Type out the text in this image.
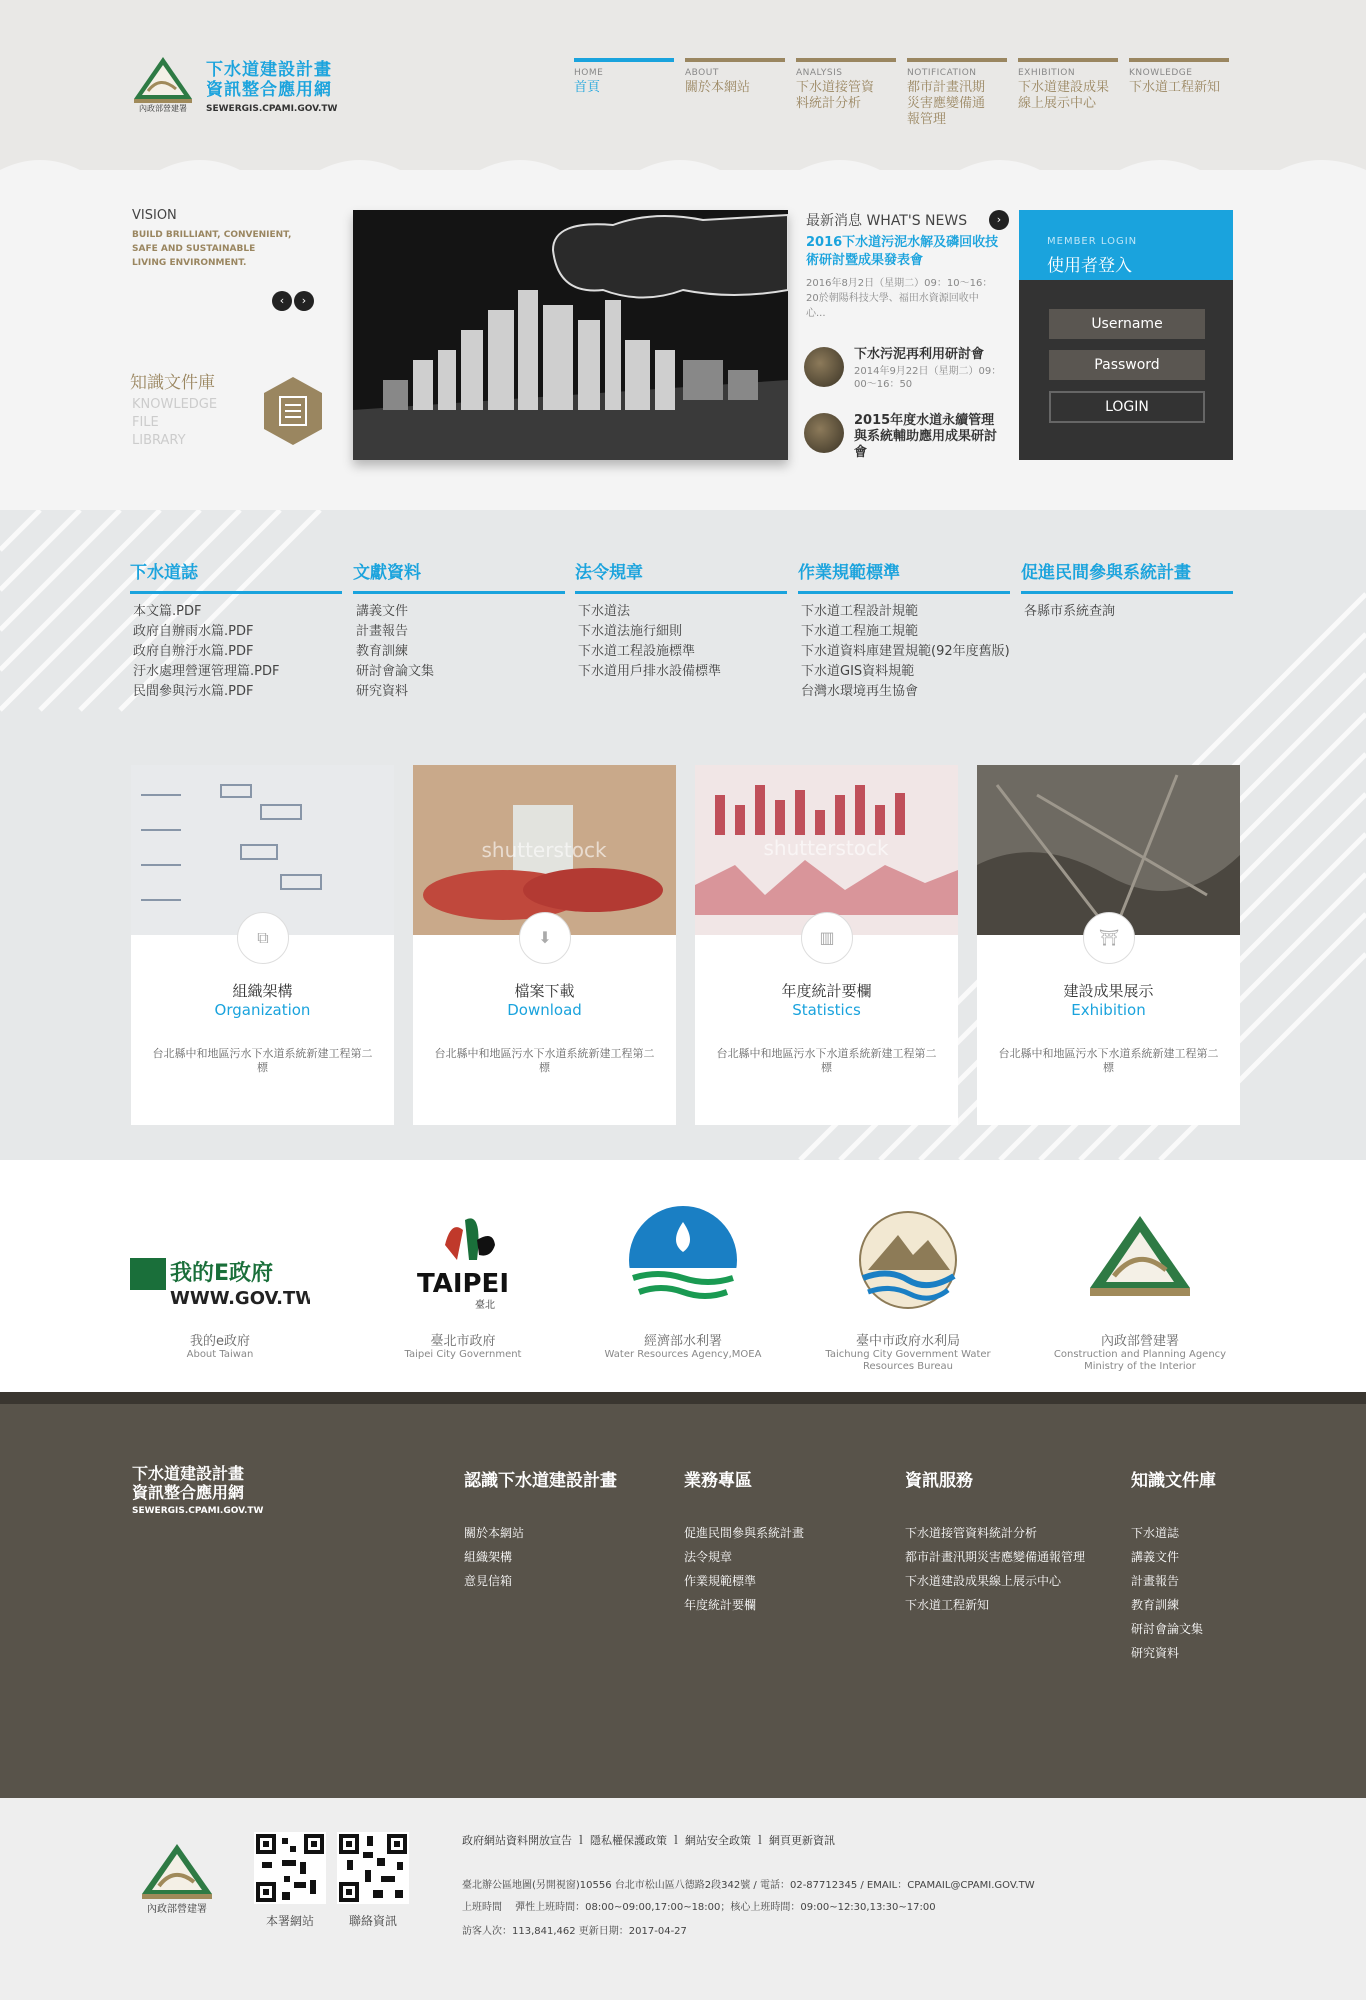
內政部營建署
下水道建設計畫
資訊整合應用網
SEWERGIS.CPAMI.GOV.TW
HOME
首頁
ABOUT
關於本網站
ANALYSIS
下水道接管資料統計分析
NOTIFICATION
都市計畫汛期災害應變備通報管理
EXHIBITION
下水道建設成果線上展示中心
KNOWLEDGE
下水道工程新知
VISION
BUILD BRILLIANT, CONVENIENT, SAFE AND SUSTAINABLE LIVING ENVIRONMENT.
‹	›
知識文件庫
KNOWLEDGE
FILE
LIBRARY
最新消息 WHAT'S NEWS	›
2016下水道污泥水解及磷回收技術研討暨成果發表會
2016年8月2日（星期二）09：10～16：20於朝陽科技大學、福田水資源回收中心...
下水污泥再利用研討會
2014年9月22日（星期二）09：00～16：50
2015年度水道永續管理與系統輔助應用成果研討會
MEMBER LOGIN
使用者登入
Username
Password
LOGIN
下水道誌
本文篇.PDF
政府自辦雨水篇.PDF
政府自辦汙水篇.PDF
汙水處理營運管理篇.PDF
民間參與污水篇.PDF
文獻資料
講義文件
計畫報告
教育訓練
研討會論文集
研究資料
法令規章
下水道法
下水道法施行細則
下水道工程設施標準
下水道用戶排水設備標準
作業規範標準
下水道工程設計規範
下水道工程施工規範
下水道資料庫建置規範(92年度舊版)
下水道GIS資料規範
台灣水環境再生協會
促進民間參與系統計畫
各縣市系統查詢
⧉
組織架構
Organization
台北縣中和地區污水下水道系統新建工程第二標
shutterstock
⬇
檔案下載
Download
台北縣中和地區污水下水道系統新建工程第二標
shutterstock
▥
年度統計要欄
Statistics
台北縣中和地區污水下水道系統新建工程第二標
⛩
建設成果展示
Exhibition
台北縣中和地區污水下水道系統新建工程第二標
我的E政府
WWW.GOV.TW
我的e政府
About Taiwan
TAIPEI
臺北
臺北市政府
Taipei City Government
經濟部水利署
Water Resources Agency,MOEA
臺中市政府水利局
Taichung City Government Water Resources Bureau
內政部營建署
Construction and Planning Agency Ministry of the Interior
下水道建設計畫
資訊整合應用網
SEWERGIS.CPAMI.GOV.TW
認識下水道建設計畫
關於本網站
組織架構
意見信箱
業務專區
促進民間參與系統計畫
法令規章
作業規範標準
年度統計要欄
資訊服務
下水道接管資料統計分析
都市計畫汛期災害應變備通報管理
下水道建設成果線上展示中心
下水道工程新知
知識文件庫
下水道誌
講義文件
計畫報告
教育訓練
研討會論文集
研究資料
內政部營建署
本署網站	聯絡資訊
政府網站資料開放宣告 ｌ 隱私權保護政策 ｌ 網站安全政策 ｌ 網頁更新資訊
臺北辦公區地圖(另開視窗)10556 台北市松山區八德路2段342號 / 電話：02-87712345 / EMAIL：CPAMAIL@CPAMI.GOV.TW
上班時間　 彈性上班時間：08:00~09:00,17:00~18:00；核心上班時間：09:00~12:30,13:30~17:00
訪客人次：113,841,462 更新日期：2017-04-27
